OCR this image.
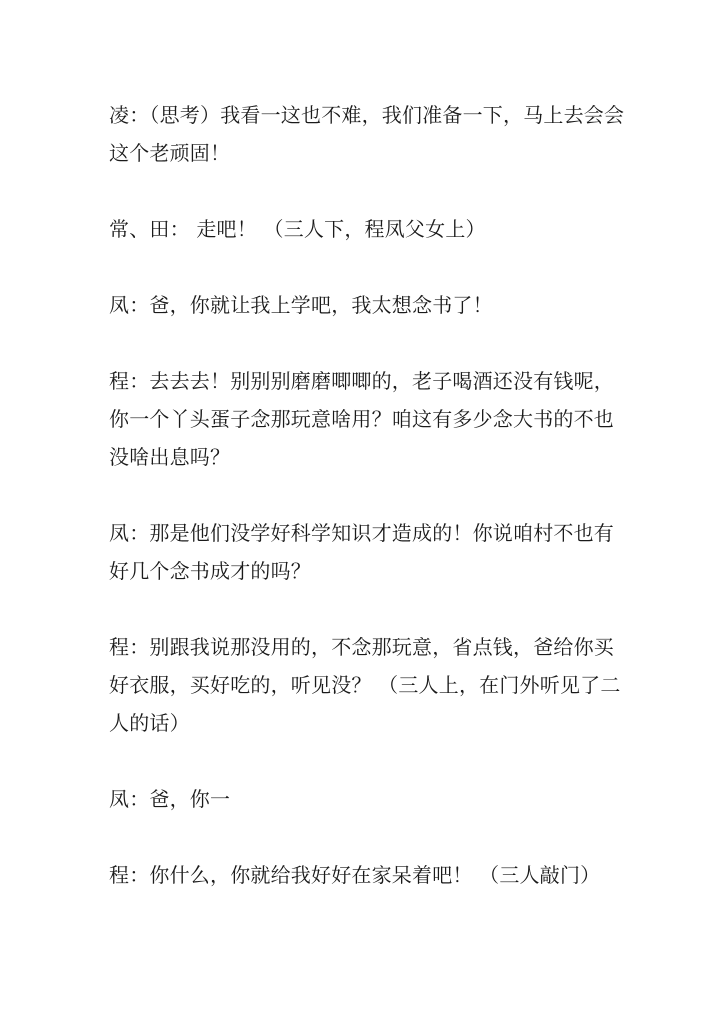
凌：（思考）我看一这也不难，我们准备一下，马上去会会
这个老顽固！
常、田： 走吧！ （三人下，程凤父女上）
凤：爸，你就让我上学吧，我太想念书了！
程：去去去！别别别磨磨唧唧的，老子喝酒还没有钱呢，
你一个丫头蛋子念那玩意啥用？咱这有多少念大书的不也
没啥出息吗？
凤：那是他们没学好科学知识才造成的！你说咱村不也有
好几个念书成才的吗？
程：别跟我说那没用的，不念那玩意，省点钱，爸给你买
好衣服，买好吃的，听见没？ （三人上，在门外听见了二
人的话）
凤：爸，你一
程：你什么，你就给我好好在家呆着吧！ （三人敲门）
